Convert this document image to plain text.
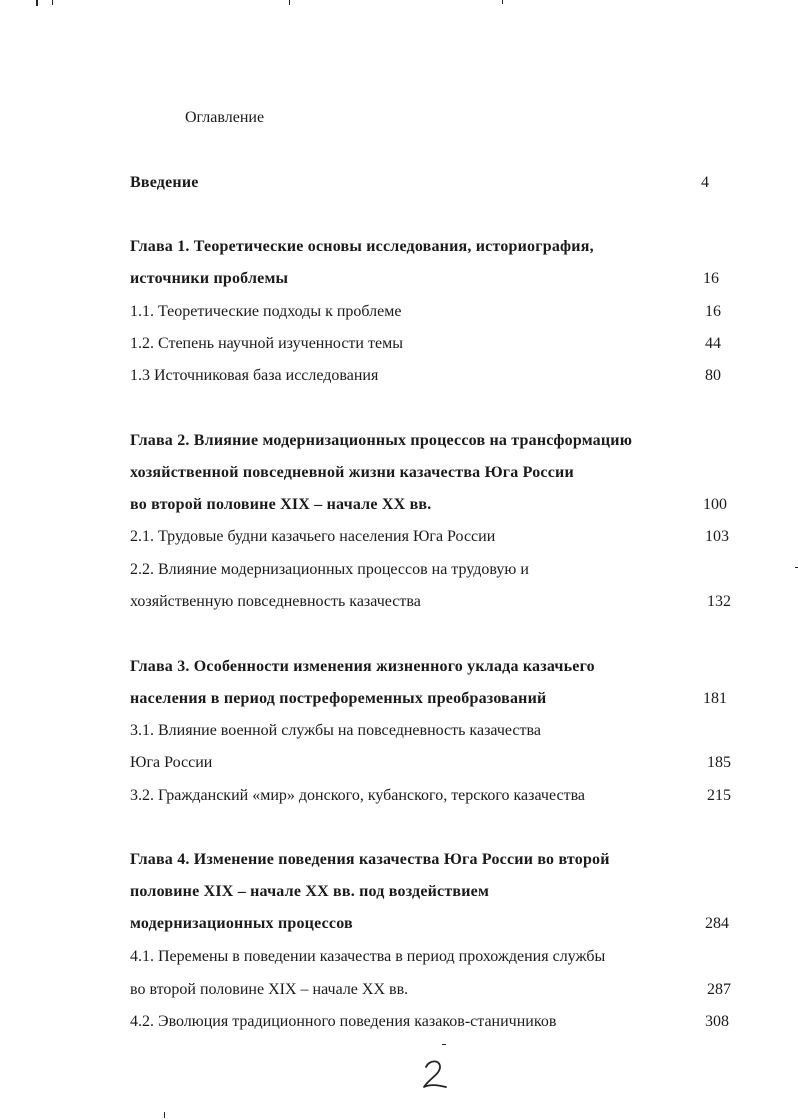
Оглавление
Введение	4
Глава 1. Теоретические основы исследования, историография,
источники проблемы	16
1.1. Теоретические подходы к проблеме	16
1.2. Степень научной изученности темы	44
1.3 Источниковая база исследования	80
Глава 2. Влияние модернизационных процессов на трансформацию
хозяйственной повседневной жизни казачества Юга России
во второй половине XIX – начале XX вв.	100
2.1. Трудовые будни казачьего населения Юга России	103
2.2. Влияние модернизационных процессов на трудовую и
хозяйственную повседневность казачества	132
Глава 3. Особенности изменения жизненного уклада казачьего
населения в период пострефоременных преобразований	181
3.1. Влияние военной службы на повседневность казачества
Юга России	185
3.2. Гражданский «мир» донского, кубанского, терского казачества	215
Глава 4. Изменение поведения казачества Юга России во второй
половине XIX – начале XX вв. под воздействием
модернизационных процессов	284
4.1. Перемены в поведении казачества в период прохождения службы
во второй половине XIX – начале XX вв.	287
4.2. Эволюция традиционного поведения казаков-станичников	308
2
